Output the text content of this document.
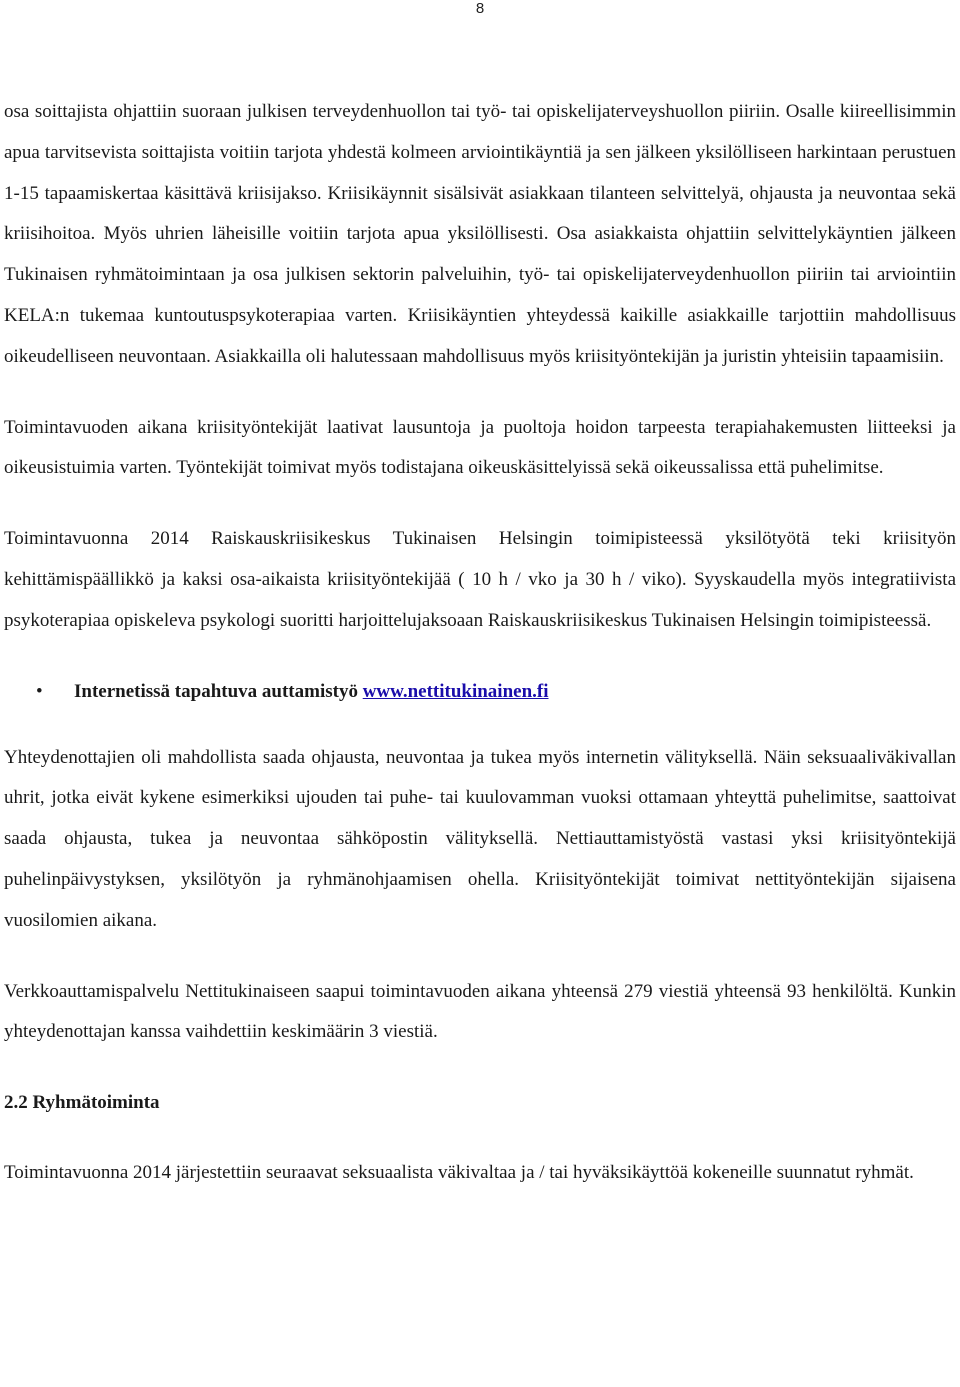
8

osa soittajista ohjattiin suoraan julkisen terveydenhuollon tai työ- tai opiskelijaterveyshuollon piiriin. Osalle kiireellisimmin apua tarvitsevista soittajista voitiin tarjota yhdestä kolmeen arviointikäyntiä ja sen jälkeen yksilölliseen harkintaan perustuen 1-15 tapaamiskertaa käsittävä kriisijakso. Kriisikäynnit sisälsivät asiakkaan tilanteen selvittelyä, ohjausta ja neuvontaa sekä kriisihoitoa. Myös uhrien läheisille voitiin tarjota apua yksilöllisesti. Osa asiakkaista ohjattiin selvittelykäyntien jälkeen Tukinaisen ryhmätoimintaan ja osa julkisen sektorin palveluihin, työ- tai opiskelijaterveydenhuollon piiriin tai arviointiin KELA:n tukemaa kuntoutuspsykoterapiaa varten. Kriisikäyntien yhteydessä kaikille asiakkaille tarjottiin mahdollisuus oikeudelliseen neuvontaan. Asiakkailla oli halutessaan mahdollisuus myös kriisityöntekijän ja juristin yhteisiin tapaamisiin.

Toimintavuoden aikana kriisityöntekijät laativat lausuntoja ja puoltoja hoidon tarpeesta terapiahakemusten liitteeksi ja oikeusistuimia varten. Työntekijät toimivat myös todistajana oikeuskäsittelyissä sekä oikeussalissa että puhelimitse.

Toimintavuonna 2014 Raiskauskriisikeskus Tukinaisen Helsingin toimipisteessä yksilötyötä teki kriisityön kehittämispäällikkö ja kaksi osa-aikaista kriisityöntekijää ( 10 h / vko ja 30 h / viko). Syyskaudella myös integratiivista psykoterapiaa opiskeleva psykologi suoritti harjoittelujaksoaan Raiskauskriisikeskus Tukinaisen Helsingin toimipisteessä.

•	Internetissä tapahtuva auttamistyö www.nettitukinainen.fi

Yhteydenottajien oli mahdollista saada ohjausta, neuvontaa ja tukea myös internetin välityksellä. Näin seksuaaliväkivallan uhrit, jotka eivät kykene esimerkiksi ujouden tai puhe- tai kuulovamman vuoksi ottamaan yhteyttä puhelimitse, saattoivat saada ohjausta, tukea ja neuvontaa sähköpostin välityksellä. Nettiauttamistyöstä vastasi yksi kriisityöntekijä puhelinpäivystyksen, yksilötyön ja ryhmänohjaamisen ohella. Kriisityöntekijät toimivat nettityöntekijän sijaisena vuosilomien aikana.

Verkkoauttamispalvelu Nettitukinaiseen saapui toimintavuoden aikana yhteensä 279 viestiä yhteensä 93 henkilöltä. Kunkin yhteydenottajan kanssa vaihdettiin keskimäärin 3 viestiä.

2.2 Ryhmätoiminta

Toimintavuonna 2014 järjestettiin seuraavat seksuaalista väkivaltaa ja / tai hyväksikäyttöä kokeneille suunnatut ryhmät.
